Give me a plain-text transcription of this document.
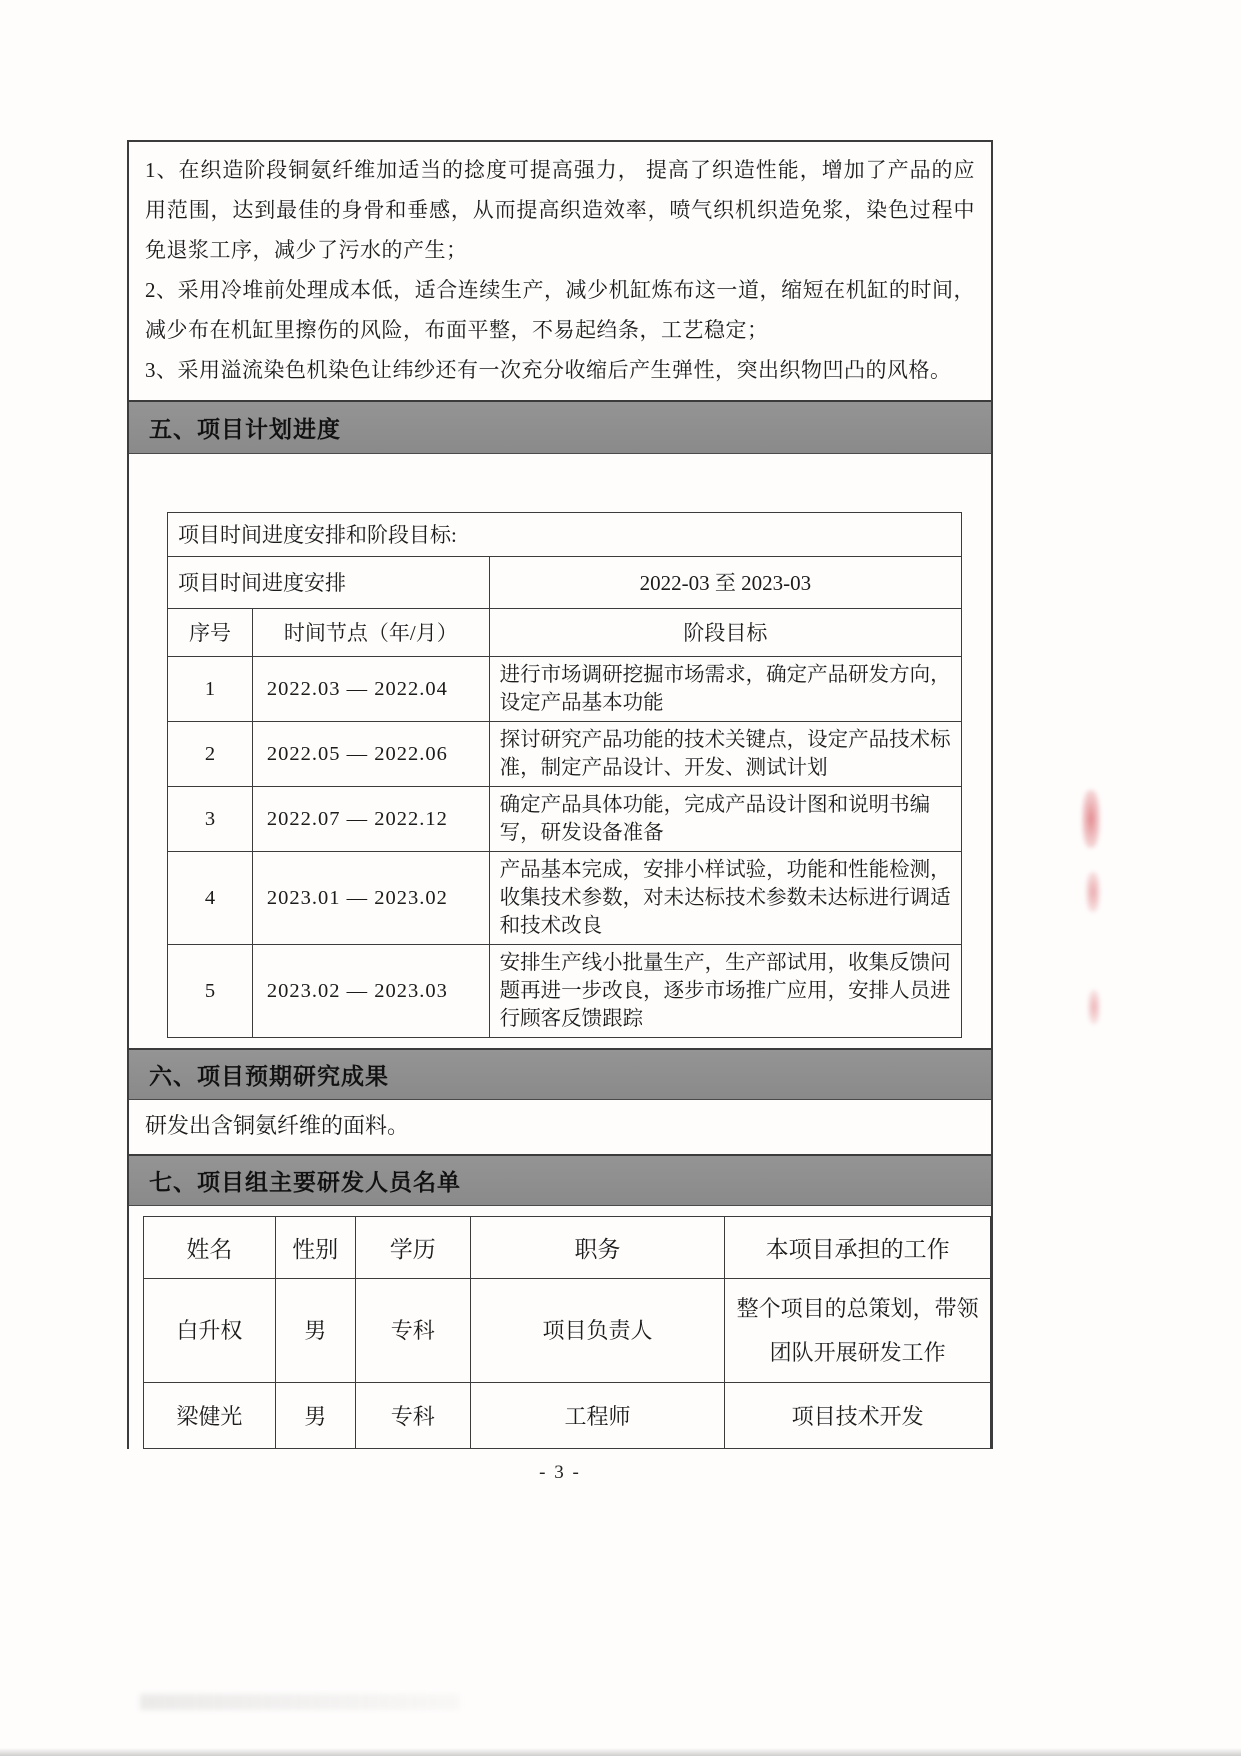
1、在织造阶段铜氨纤维加适当的捻度可提高强力， 提高了织造性能，增加了产品的应用范围，达到最佳的身骨和垂感，从而提高织造效率，喷气织机织造免浆，染色过程中免退浆工序，减少了污水的产生；

2、采用冷堆前处理成本低，适合连续生产，减少机缸炼布这一道，缩短在机缸的时间，减少布在机缸里擦伤的风险，布面平整，不易起绉条，工艺稳定；

3、采用溢流染色机染色让纬纱还有一次充分收缩后产生弹性，突出织物凹凸的风格。

五、项目计划进度
项目时间进度安排和阶段目标:		
项目时间进度安排		2022-03 至 2023-03
序号	时间节点（年/月）	阶段目标
1	2022.03 — 2022.04	进行市场调研挖掘市场需求，确定产品研发方向，设定产品基本功能
2	2022.05 — 2022.06	探讨研究产品功能的技术关键点，设定产品技术标准，制定产品设计、开发、测试计划
3	2022.07 — 2022.12	确定产品具体功能，完成产品设计图和说明书编写，研发设备准备
4	2023.01 — 2023.02	产品基本完成，安排小样试验，功能和性能检测，收集技术参数，对未达标技术参数未达标进行调适和技术改良
5	2023.02 — 2023.03	安排生产线小批量生产，生产部试用，收集反馈问题再进一步改良，逐步市场推广应用，安排人员进行顾客反馈跟踪
六、项目预期研究成果
研发出含铜氨纤维的面料。
七、项目组主要研发人员名单
姓名	性别	学历	职务	本项目承担的工作
白升权	男	专科	项目负责人	整个项目的总策划，带领团队开展研发工作
梁健光	男	专科	工程师	项目技术开发
- 3 -
